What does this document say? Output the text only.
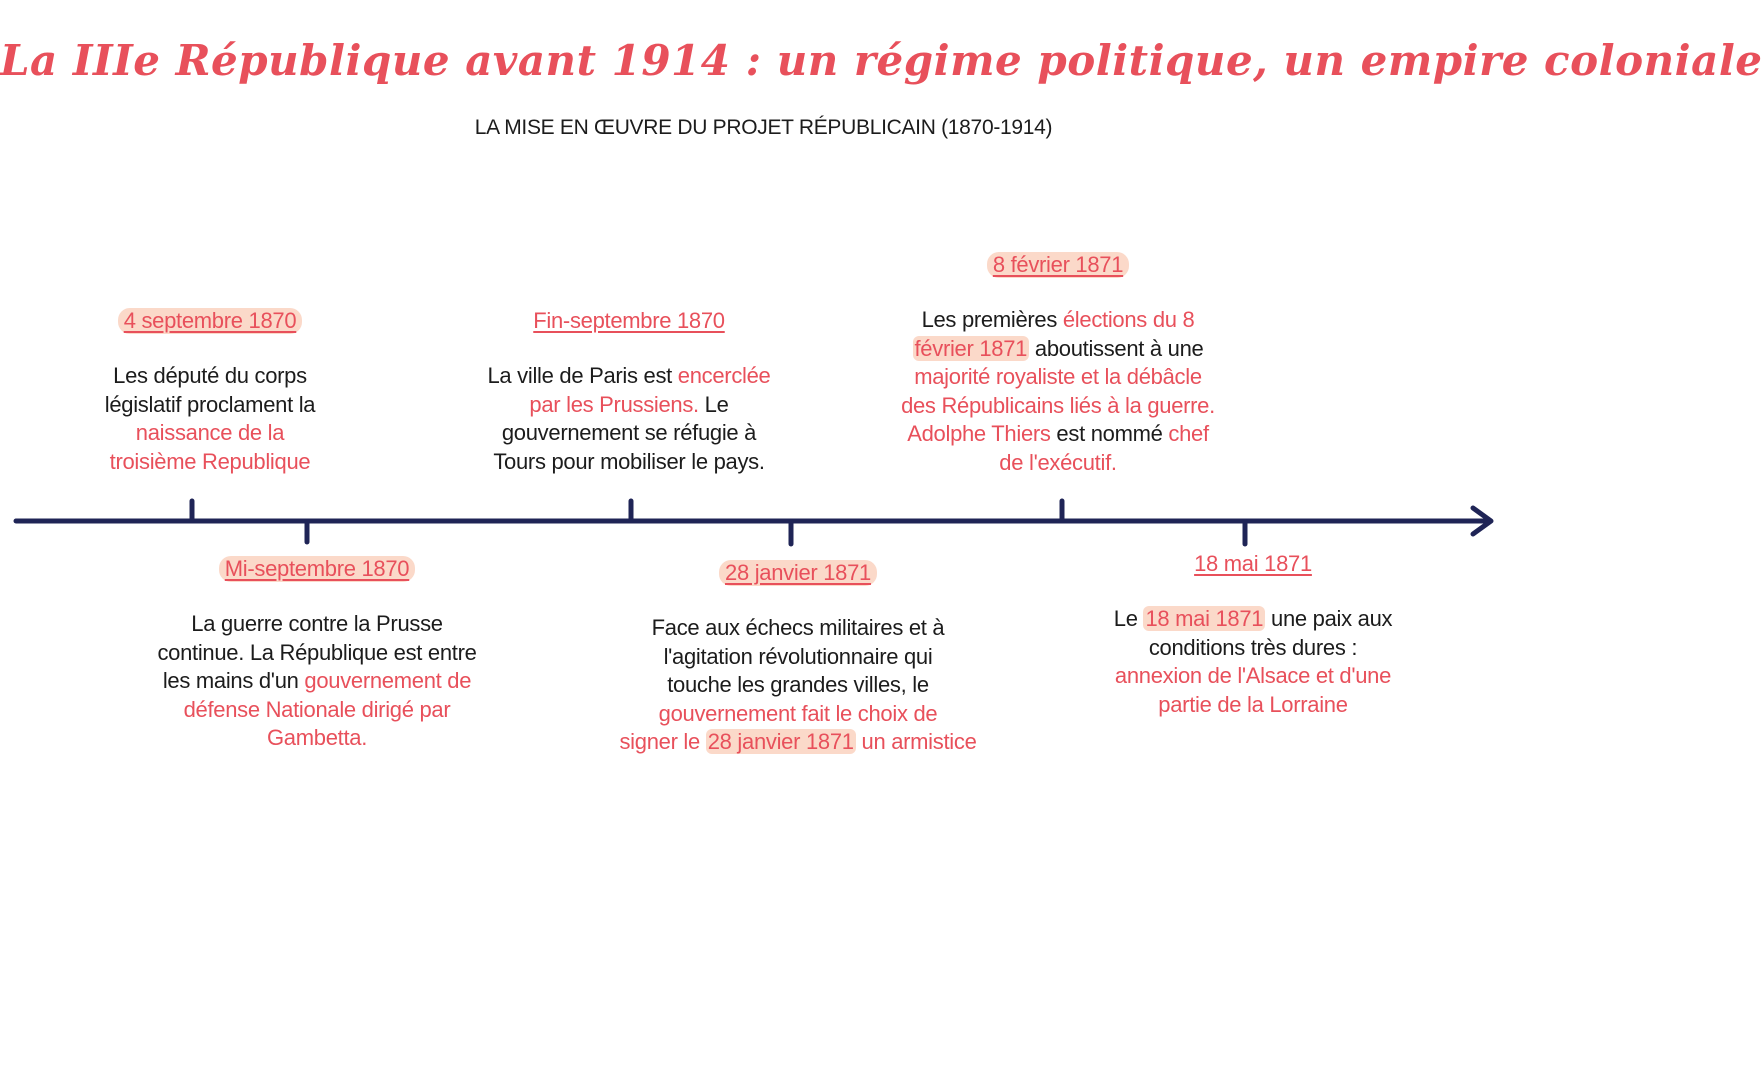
La IIIe République avant 1914 : un régime politique, un empire coloniale
LA MISE EN ŒUVRE DU PROJET RÉPUBLICAIN (1870-1914)
4 septembre 1870
Les député du corps
législatif proclament la
naissance de la
troisième Republique
Mi-septembre 1870
La guerre contre la Prusse
continue. La République est entre
les mains d'un gouvernement de
défense Nationale dirigé par
Gambetta.
Fin-septembre 1870
La ville de Paris est encerclée
par les Prussiens. Le
gouvernement se réfugie à
Tours pour mobiliser le pays.
28 janvier 1871
Face aux échecs militaires et à
l'agitation révolutionnaire qui
touche les grandes villes, le
gouvernement fait le choix de
signer le 28 janvier 1871 un armistice
8 février 1871
Les premières élections du 8
février 1871 aboutissent à une
majorité royaliste et la débâcle
des Républicains liés à la guerre.
Adolphe Thiers est nommé chef
de l'exécutif.
18 mai 1871
Le 18 mai 1871 une paix aux
conditions très dures :
annexion de l'Alsace et d'une
partie de la Lorraine
